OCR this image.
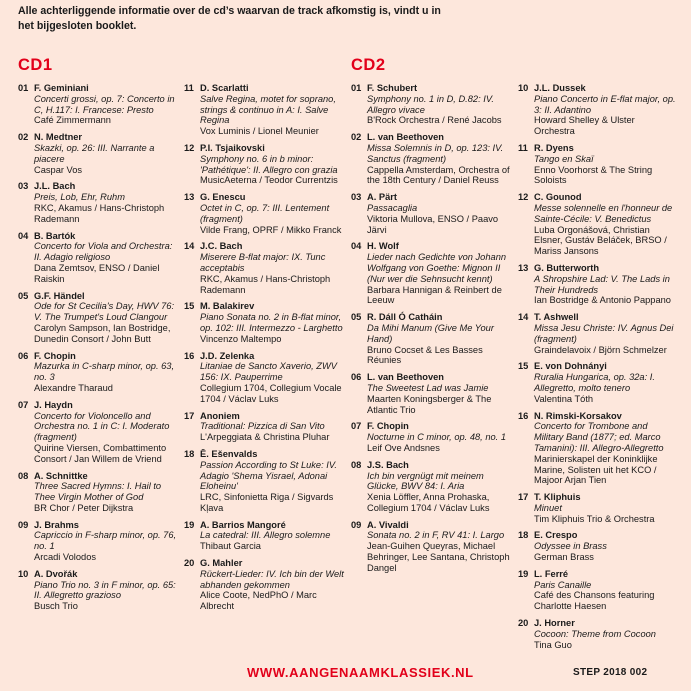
Alle achterliggende informatie over de cd’s waarvan de track afkomstig is, vindt u in het bijgesloten booklet.
CD1	CD2
01 F. Geminiani
Concerti grossi, op. 7: Concerto in C, H.117: I. Francese: Presto
Café Zimmermann
02 N. Medtner
Skazki, op. 26: III. Narrante a piacere
Caspar Vos
03 J.L. Bach
Preis, Lob, Ehr, Ruhm
RKC, Akamus / Hans-Christoph Rademann
04 B. Bartók
Concerto for Viola and Orchestra: II. Adagio religioso
Dana Zemtsov, ENSO / Daniel Raiskin
05 G.F. Händel
Ode for St Cecilia's Day, HWV 76: V. The Trumpet's Loud Clangour
Carolyn Sampson, Ian Bostridge, Dunedin Consort / John Butt
06 F. Chopin
Mazurka in C-sharp minor, op. 63, no. 3
Alexandre Tharaud
07 J. Haydn
Concerto for Violoncello and Orchestra no. 1 in C: I. Moderato (fragment)
Quirine Viersen, Combattimento Consort / Jan Willem de Vriend
08 A. Schnittke
Three Sacred Hymns: I. Hail to Thee Virgin Mother of God
BR Chor / Peter Dijkstra
09 J. Brahms
Capriccio in F-sharp minor, op. 76, no. 1
Arcadi Volodos
10 A. Dvořák
Piano Trio no. 3 in F minor, op. 65: II. Allegretto grazioso
Busch Trio
11 D. Scarlatti
Salve Regina, motet for soprano, strings & continuo in A: I. Salve Regina
Vox Luminis / Lionel Meunier
12 P.I. Tsjaikovski
Symphony no. 6 in b minor: 'Pathétique': II. Allegro con grazia
MusicAeterna / Teodor Currentzis
13 G. Enescu
Octet in C, op. 7: III. Lentement (fragment)
Vilde Frang, OPRF / Mikko Franck
14 J.C. Bach
Miserere B-flat major: IX. Tunc acceptabis
RKC, Akamus / Hans-Christoph Rademann
15 M. Balakirev
Piano Sonata no. 2 in B-flat minor, op. 102: III. Intermezzo - Larghetto
Vincenzo Maltempo
16 J.D. Zelenka
Litaniae de Sancto Xaverio, ZWV 156: IX. Pauperrime
Collegium 1704, Collegium Vocale 1704 / Václav Luks
17 Anoniem
Traditional: Pizzica di San Vito
L'Arpeggiata & Christina Pluhar
18 Ē. Ešenvalds
Passion According to St Luke: IV. Adagio 'Shema Yisrael, Adonai Eloheinu'
LRC, Sinfonietta Riga / Sigvards Kļava
19 A. Barrios Mangoré
La catedral: III. Allegro solemne
Thibaut Garcia
20 G. Mahler
Rückert-Lieder: IV. Ich bin der Welt abhanden gekommen
Alice Coote, NedPhO / Marc Albrecht
01 F. Schubert
Symphony no. 1 in D, D.82: IV. Allegro vivace
B'Rock Orchestra / René Jacobs
02 L. van Beethoven
Missa Solemnis in D, op. 123: IV. Sanctus (fragment)
Cappella Amsterdam, Orchestra of the 18th Century / Daniel Reuss
03 A. Pärt
Passacaglia
Viktoria Mullova, ENSO / Paavo Järvi
04 H. Wolf
Lieder nach Gedichte von Johann Wolfgang von Goethe: Mignon II (Nur wer die Sehnsucht kennt)
Barbara Hannigan & Reinbert de Leeuw
05 R. Dáll Ó Catháin
Da Mihi Manum (Give Me Your Hand)
Bruno Cocset & Les Basses Réunies
06 L. van Beethoven
The Sweetest Lad was Jamie
Maarten Koningsberger & The Atlantic Trio
07 F. Chopin
Nocturne in C minor, op. 48, no. 1
Leif Ove Andsnes
08 J.S. Bach
Ich bin vergnügt mit meinem Glücke, BWV 84: I. Aria
Xenia Löffler, Anna Prohaska, Collegium 1704 / Václav Luks
09 A. Vivaldi
Sonata no. 2 in F, RV 41: I. Largo
Jean-Guihen Queyras, Michael Behringer, Lee Santana, Christoph Dangel
10 J.L. Dussek
Piano Concerto in E-flat major, op. 3: II. Adantino
Howard Shelley & Ulster Orchestra
11 R. Dyens
Tango en Skaï
Enno Voorhorst & The String Soloists
12 C. Gounod
Messe solennelle en l'honneur de Sainte-Cécile: V. Benedictus
Luba Orgonášová, Christian Elsner, Gustáv Beláček, BRSO / Mariss Jansons
13 G. Butterworth
A Shropshire Lad: V. The Lads in Their Hundreds
Ian Bostridge & Antonio Pappano
14 T. Ashwell
Missa Jesu Christe: IV. Agnus Dei (fragment)
Graindelavoix / Björn Schmelzer
15 E. von Dohnányi
Ruralia Hungarica, op. 32a: I. Allegretto, molto tenero
Valentina Tóth
16 N. Rimski-Korsakov
Concerto for Trombone and Military Band (1877; ed. Marco Tamanini): III. Allegro-Allegretto
Marinierskapel der Koninklijke Marine, Solisten uit het KCO / Majoor Arjan Tien
17 T. Kliphuis
Minuet
Tim Kliphuis Trio & Orchestra
18 E. Crespo
Odyssee in Brass
German Brass
19 L. Ferré
Paris Canaille
Café des Chansons featuring Charlotte Haesen
20 J. Horner
Cocoon: Theme from Cocoon
Tina Guo
WWW.AANGENAAMKLASSIEK.NL	STEP 2018 002
